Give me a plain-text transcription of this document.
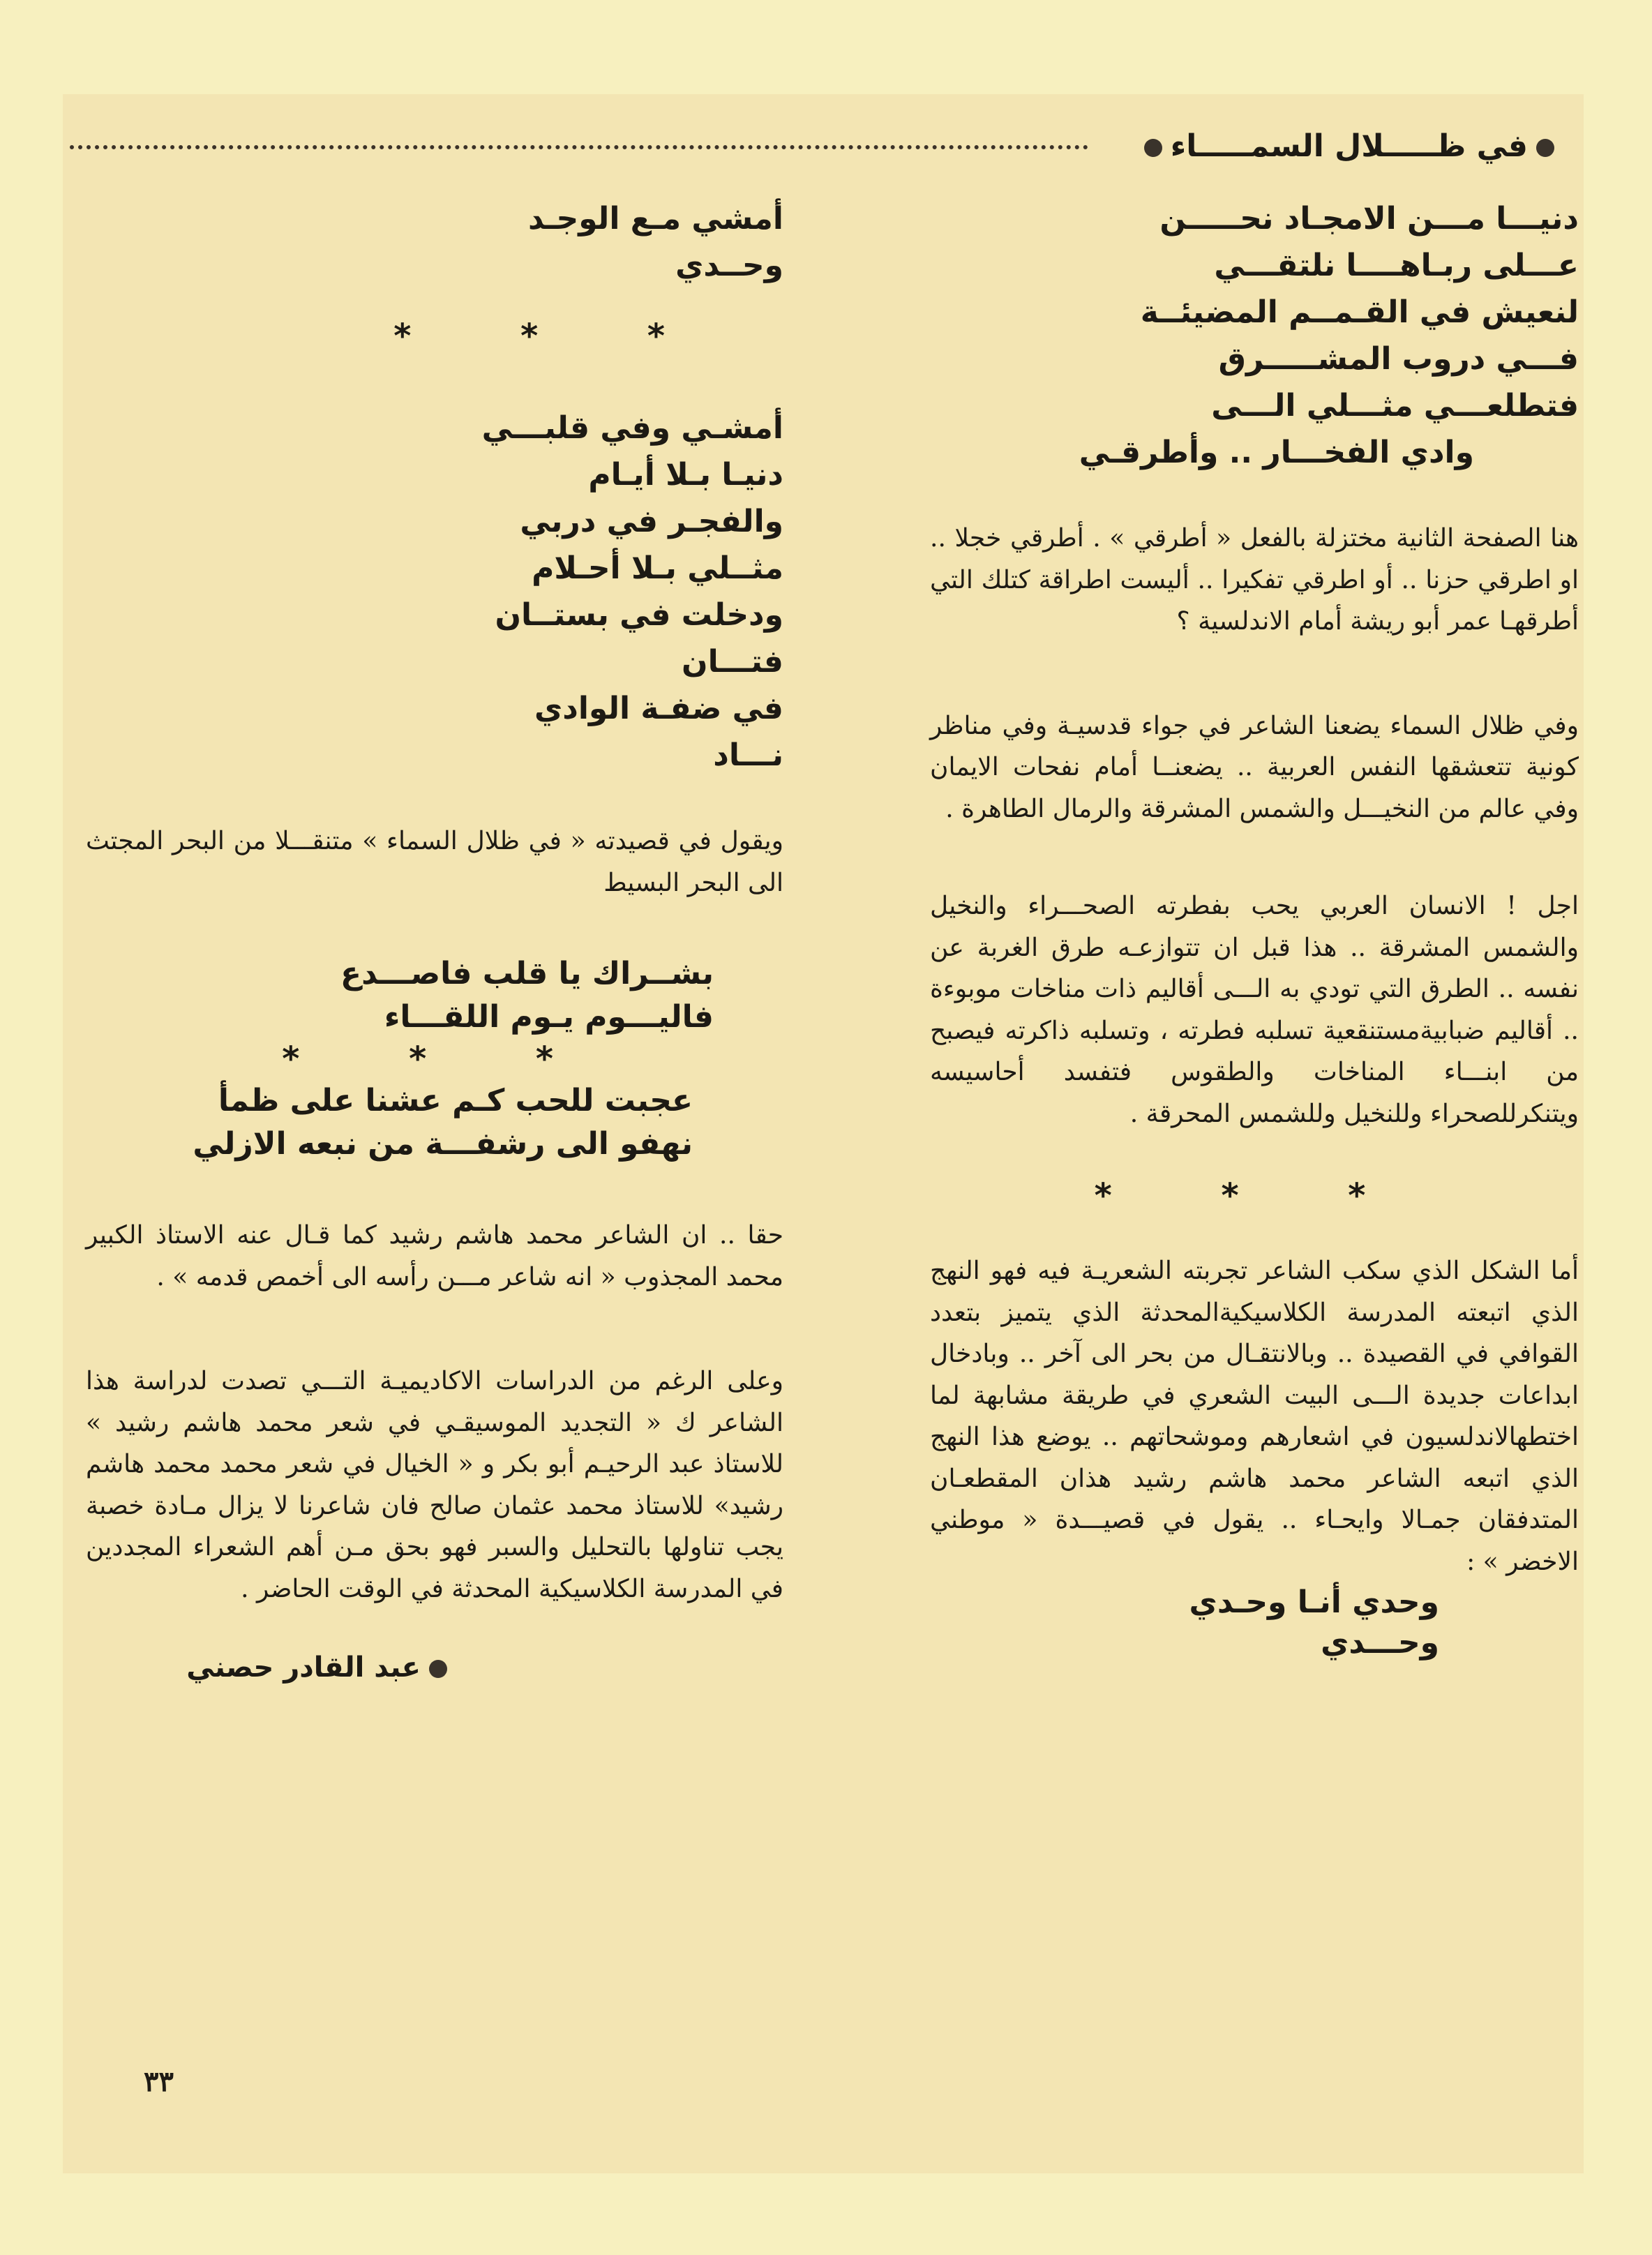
في ظـــــلال السمـــــاء
دنيـــا مـــن الامجـاد نحـــــن
عـــلى ربـاهــــا نلتقـــي
لنعيش في القـمــم المضيئــة
فـــي دروب المشـــــرق
فتطلعـــي مثـــلي الـــى
وادي الفخـــار .. وأطرقـي

هنا الصفحة الثانية مختزلة بالفعل « أطرقي » . أطرقي خجلا .. او اطرقي حزنا .. أو اطرقي تفكيرا .. أليست اطراقة كتلك التي أطرقهـا عمر أبو ريشة أمام الاندلسية ؟

وفي ظلال السماء يضعنا الشاعر في جواء قدسيـة وفي مناظر كونية تتعشقها النفس العربية .. يضعنــا أمام نفحات الايمان وفي عالم من النخيـــل والشمس المشرقة والرمال الطاهرة .

اجل ! الانسان العربي يحب بفطرته الصحـــراء والنخيل والشمس المشرقة .. هذا قبل ان تتوازعـه طرق الغربة عن نفسه .. الطرق التي تودي به الـــى أقاليم ذات مناخات موبوءة .. أقاليم ضبابيةمستنقعية تسلبه فطرته ، وتسلبه ذاكرته فيصبح من ابنـــاء المناخات والطقوس فتفسد أحاسيسه ويتنكرللصحراء وللنخيل وللشمس المحرقة .

* * *

أما الشكل الذي سكب الشاعر تجربته الشعريـة فيه فهو النهج الذي اتبعته المدرسة الكلاسيكيةالمحدثة الذي يتميز بتعدد القوافي في القصيدة .. وبالانتقـال من بحر الى آخر .. وبادخال ابداعات جديدة الـــى البيت الشعري في طريقة مشابهة لما اختطهالاندلسيون في اشعارهم وموشحاتهم .. يوضع هذا النهج الذي اتبعه الشاعر محمد هاشم رشيد هذان المقطعـان المتدفقان جمـالا وايحـاء .. يقول في قصيـــدة « موطني الاخضر » :

وحدي أنـا وحـدي
وحـــدي
أمشي مـع الوجـد
وحــدي
* * *
أمشـي وفي قلبـــي
دنيـا بـلا أيـام
والفجـر في دربي
مثــلي بـلا أحـلام
ودخلت في بستــان
فتـــان
في ضفـة الوادي
نـــاد

ويقول في قصيدته « في ظلال السماء » متنقـــلا من البحر المجتث الى البحر البسيط

بشــراك يا قلب فاصـــدع
فاليـــوم يـوم اللقـــاء
* * *
عجبت للحب كـم عشنا على ظمأ
نهفو الى رشفـــة من نبعه الازلي

حقا .. ان الشاعر محمد هاشم رشيد كما قـال عنه الاستاذ الكبير محمد المجذوب « انه شاعر مـــن رأسه الى أخمص قدمه » .

وعلى الرغم من الدراسات الاكاديميـة التـــي تصدت لدراسة هذا الشاعر ك « التجديد الموسيقـي في شعر محمد هاشم رشيد » للاستاذ عبد الرحيـم أبو بكر و « الخيال في شعر محمد محمد هاشم رشيد» للاستاذ محمد عثمان صالح فان شاعرنا لا يزال مـادة خصبة يجب تناولها بالتحليل والسبر فهو بحق مـن أهم الشعراء المجددين في المدرسة الكلاسيكية المحدثة في الوقت الحاضر .

عبد القادر حصني
٣٣
